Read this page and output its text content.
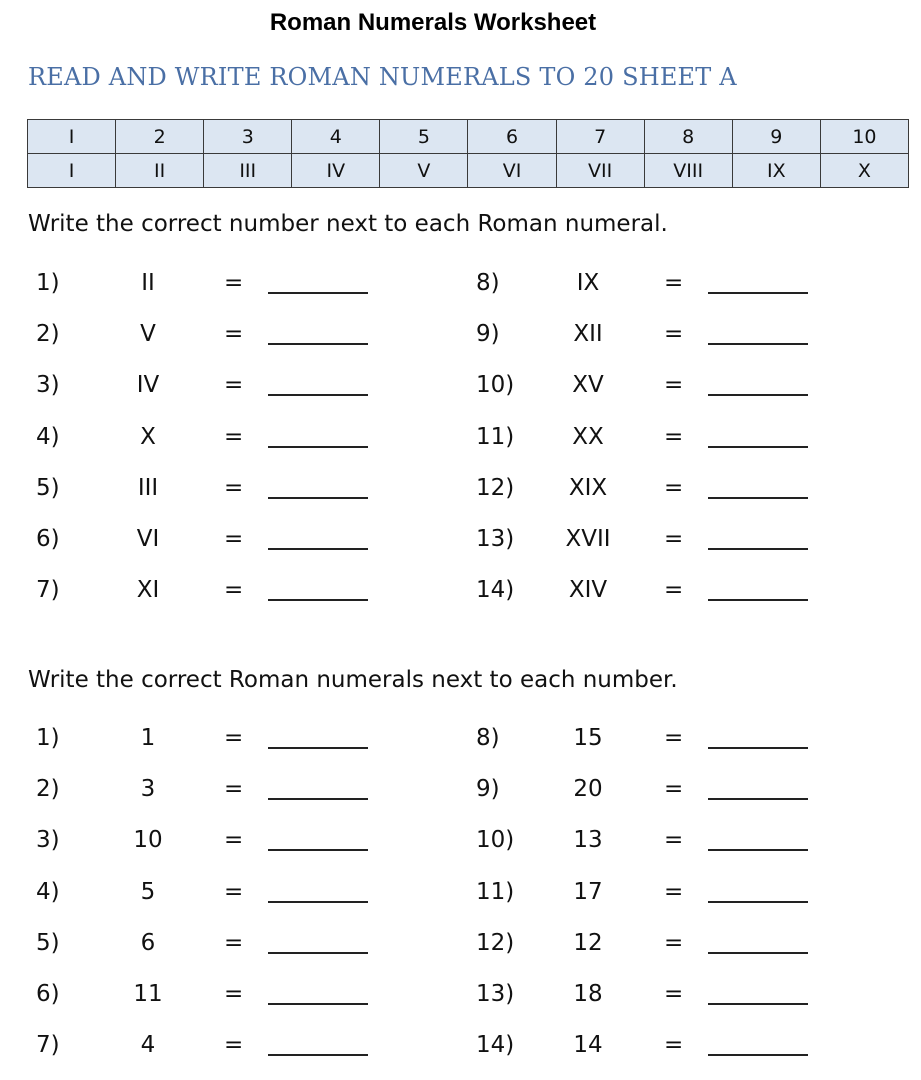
Roman Numerals Worksheet
READ AND WRITE ROMAN NUMERALS TO 20 SHEET A
I	2	3	4	5	6	7	8	9	10
I	II	III	IV	V	VI	VII	VIII	IX	X
Write the correct number next to each Roman numeral.
1)	II	=
2)	V	=
3)	IV	=
4)	X	=
5)	III	=
6)	VI	=
7)	XI	=
8)	IX	=
9)	XII	=
10)	XV	=
11)	XX	=
12)	XIX	=
13)	XVII	=
14)	XIV	=
Write the correct Roman numerals next to each number.
1)	1	=
2)	3	=
3)	10	=
4)	5	=
5)	6	=
6)	11	=
7)	4	=
8)	15	=
9)	20	=
10)	13	=
11)	17	=
12)	12	=
13)	18	=
14)	14	=
